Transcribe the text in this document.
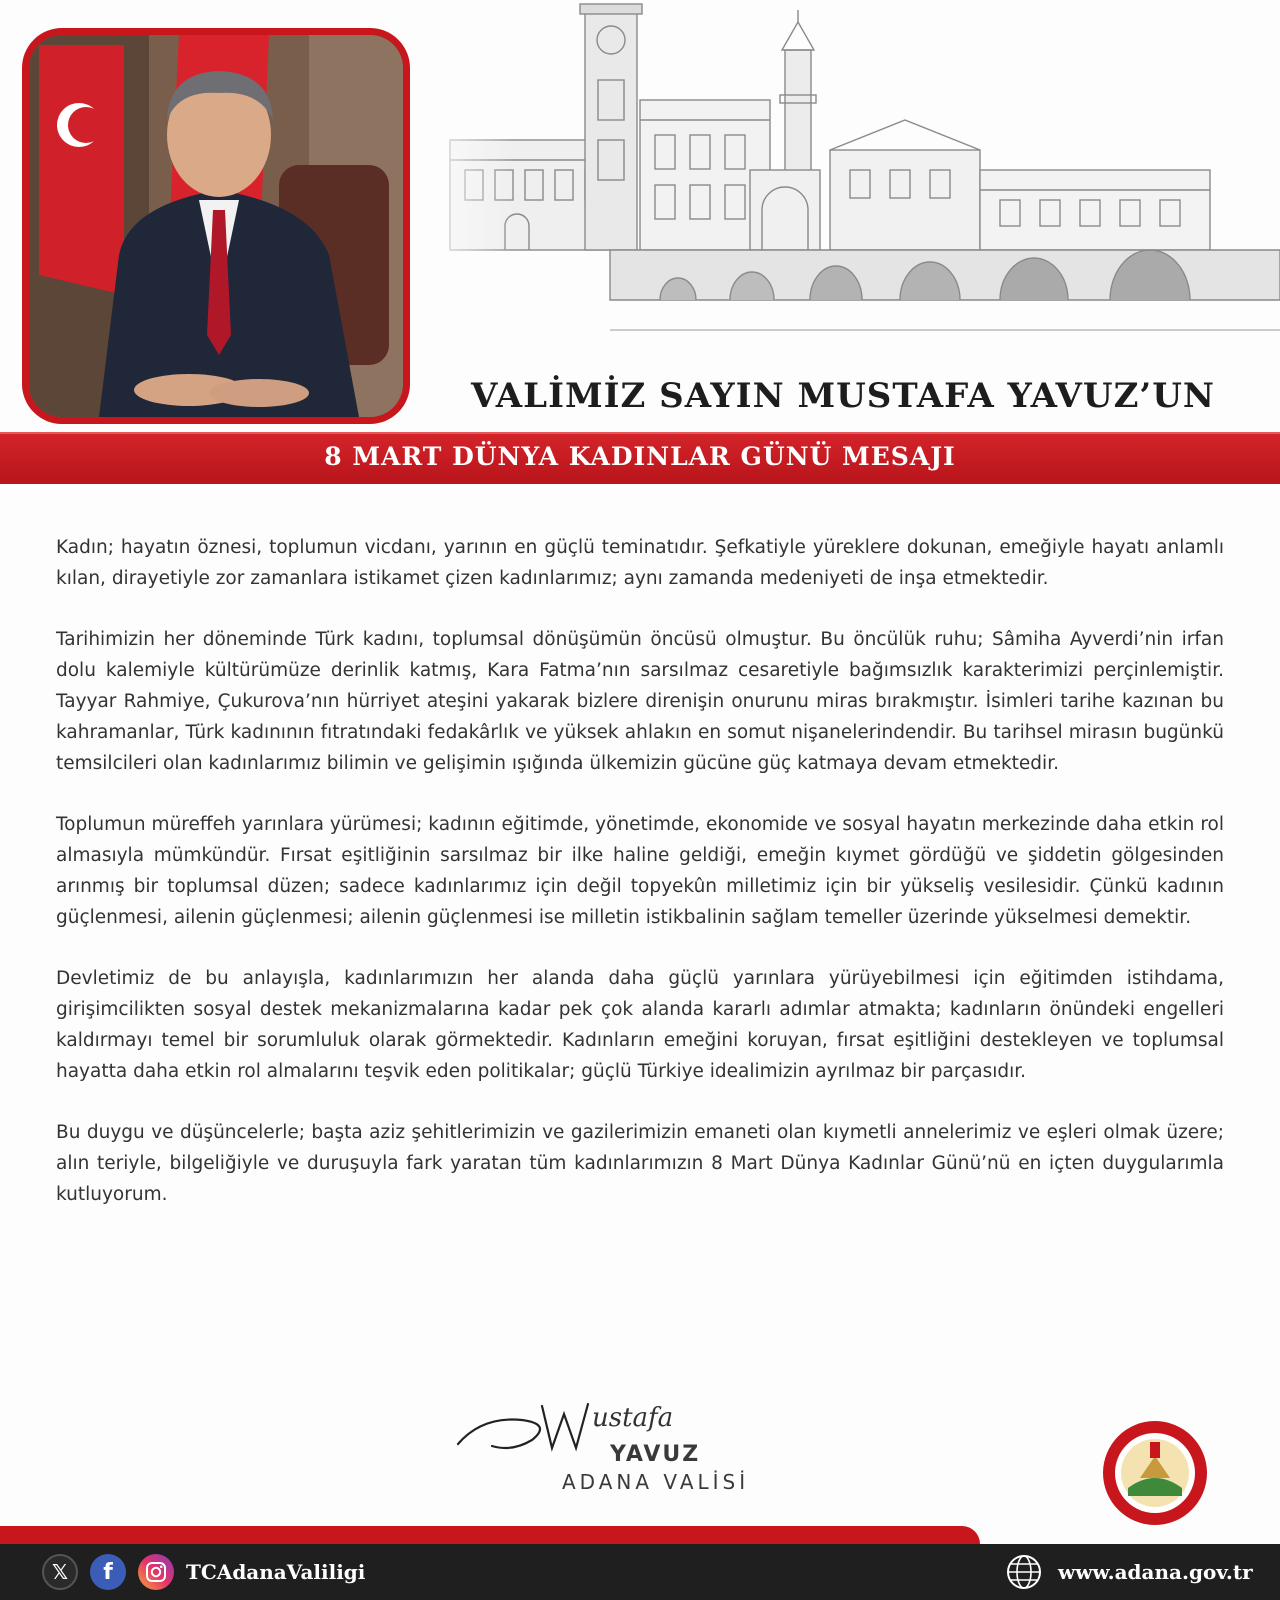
VALİMİZ SAYIN MUSTAFA YAVUZ’UN
8 MART DÜNYA KADINLAR GÜNÜ MESAJI

Kadın; hayatın öznesi, toplumun vicdanı, yarının en güçlü teminatıdır. Şefkatiyle yüreklere dokunan, emeğiyle hayatı anlamlı kılan, dirayetiyle zor zamanlara istikamet çizen kadınlarımız; aynı zamanda medeniyeti de inşa etmektedir.

Tarihimizin her döneminde Türk kadını, toplumsal dönüşümün öncüsü olmuştur. Bu öncülük ruhu; Sâmiha Ayverdi’nin irfan dolu kalemiyle kültürümüze derinlik katmış, Kara Fatma’nın sarsılmaz cesaretiyle bağımsızlık karakterimizi perçinlemiştir. Tayyar Rahmiye, Çukurova’nın hürriyet ateşini yakarak bizlere direnişin onurunu miras bırakmıştır. İsimleri tarihe kazınan bu kahramanlar, Türk kadınının fıtratındaki fedakârlık ve yüksek ahlakın en somut nişanelerindendir. Bu tarihsel mirasın bugünkü temsilcileri olan kadınlarımız bilimin ve gelişimin ışığında ülkemizin gücüne güç katmaya devam etmektedir.

Toplumun müreffeh yarınlara yürümesi; kadının eğitimde, yönetimde, ekonomide ve sosyal hayatın merkezinde daha etkin rol almasıyla mümkündür. Fırsat eşitliğinin sarsılmaz bir ilke haline geldiği, emeğin kıymet gördüğü ve şiddetin gölgesinden arınmış bir toplumsal düzen; sadece kadınlarımız için değil topyekûn milletimiz için bir yükseliş vesilesidir. Çünkü kadının güçlenmesi, ailenin güçlenmesi; ailenin güçlenmesi ise milletin istikbalinin sağlam temeller üzerinde yükselmesi demektir.

Devletimiz de bu anlayışla, kadınlarımızın her alanda daha güçlü yarınlara yürüyebilmesi için eğitimden istihdama, girişimcilikten sosyal destek mekanizmalarına kadar pek çok alanda kararlı adımlar atmakta; kadınların önündeki engelleri kaldırmayı temel bir sorumluluk olarak görmektedir. Kadınların emeğini koruyan, fırsat eşitliğini destekleyen ve toplumsal hayatta daha etkin rol almalarını teşvik eden politikalar; güçlü Türkiye idealimizin ayrılmaz bir parçasıdır.

Bu duygu ve düşüncelerle; başta aziz şehitlerimizin ve gazilerimizin emaneti olan kıymetli annelerimiz ve eşleri olmak üzere; alın teriyle, bilgeliğiyle ve duruşuyla fark yaratan tüm kadınlarımızın 8 Mart Dünya Kadınlar Günü’nü en içten duygularımla kutluyorum.

ustafa
YAVUZ
ADANA VALİSİ
𝕏	f	TCAdanaValiligi	www.adana.gov.tr
